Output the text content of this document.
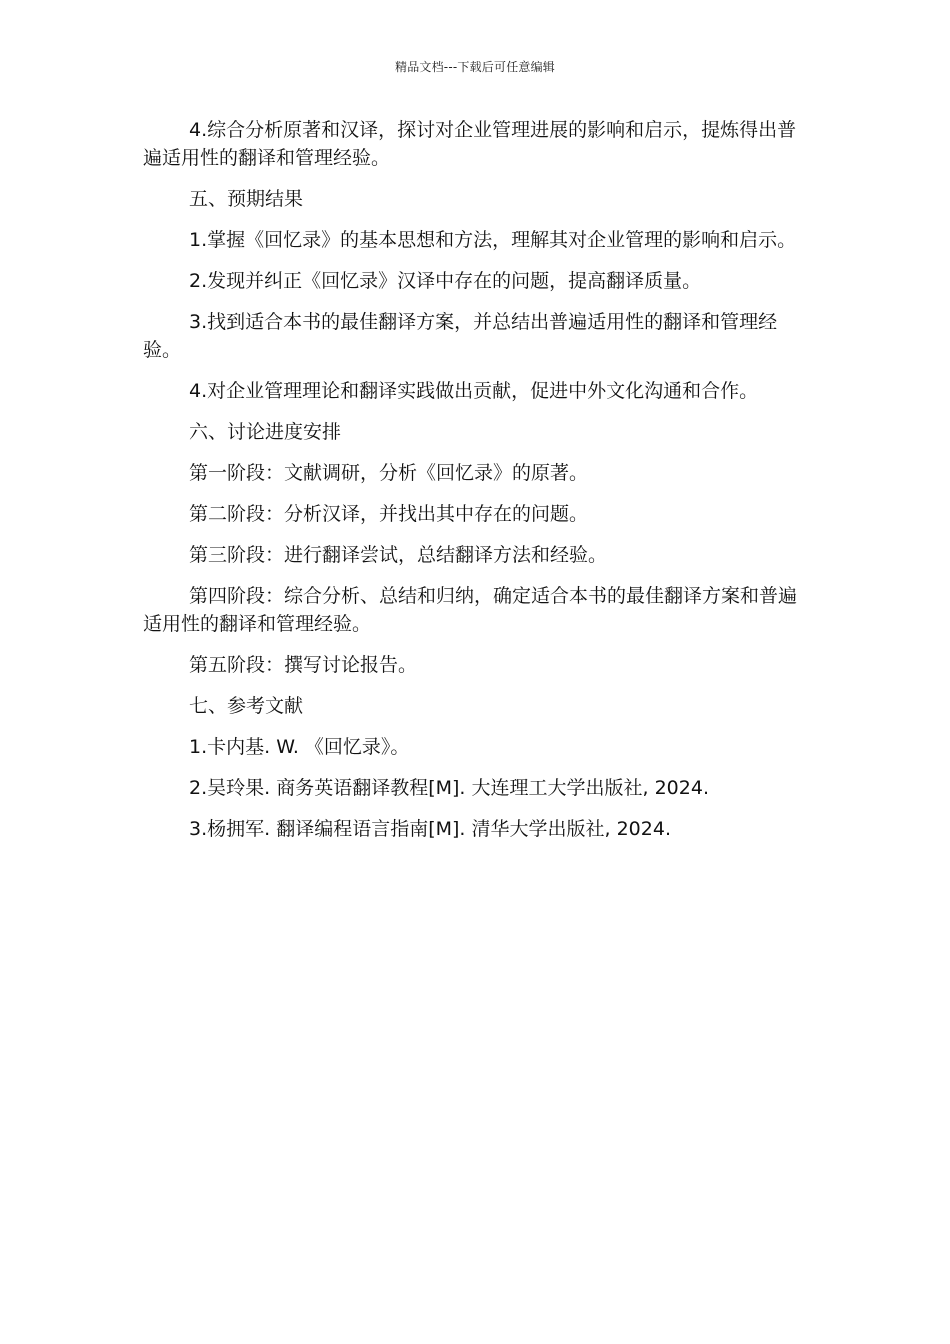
精品文档---下载后可任意编辑

4.综合分析原著和汉译，探讨对企业管理进展的影响和启示，提炼得出普遍适用性的翻译和管理经验。

五、预期结果

1.掌握《回忆录》的基本思想和方法，理解其对企业管理的影响和启示。

2.发现并纠正《回忆录》汉译中存在的问题，提高翻译质量。

3.找到适合本书的最佳翻译方案，并总结出普遍适用性的翻译和管理经验。

4.对企业管理理论和翻译实践做出贡献，促进中外文化沟通和合作。

六、讨论进度安排

第一阶段：文献调研，分析《回忆录》的原著。

第二阶段：分析汉译，并找出其中存在的问题。

第三阶段：进行翻译尝试，总结翻译方法和经验。

第四阶段：综合分析、总结和归纳，确定适合本书的最佳翻译方案和普遍适用性的翻译和管理经验。

第五阶段：撰写讨论报告。

七、参考文献

1.卡内基. W. 《回忆录》。

2.吴玲果. 商务英语翻译教程[M]. 大连理工大学出版社, 2024.

3.杨拥军. 翻译编程语言指南[M]. 清华大学出版社, 2024.
